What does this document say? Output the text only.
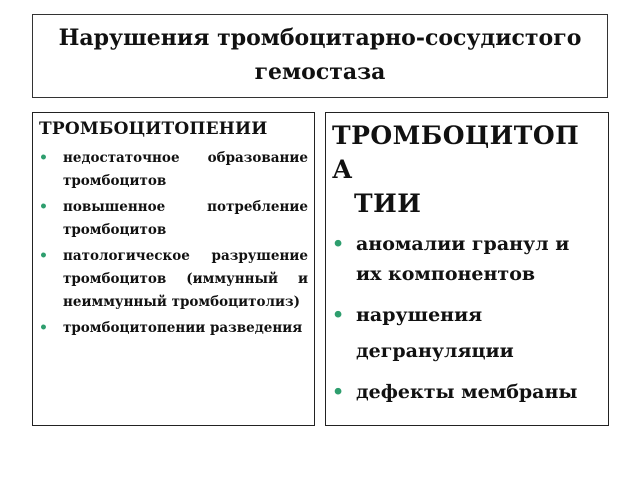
Нарушения тромбоцитарно-сосудистого
гемостаза
ТРОМБОЦИТОПЕНИИ
• недостаточное образование тромбоцитов
• повышенное потребление тромбоцитов
• патологическое разрушение тромбоцитов (иммунный и неиммунный тромбоцитолиз)
• тромбоцитопении разведения
ТРОМБОЦИТОПА
ТИИ
• аномалии гранул и их компонентов
• нарушения дегрануляции
• дефекты мембраны
